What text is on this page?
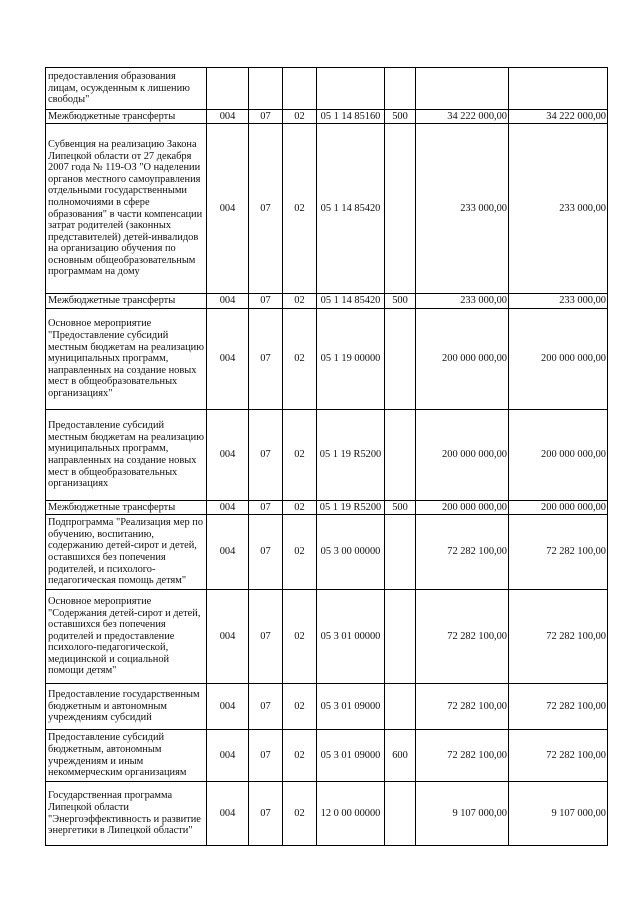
предоставления образования лицам, осужденным к лишению свободы"							
Межбюджетные трансферты	004	07	02	05 1 14 85160	500	34 222 000,00	34 222 000,00
Субвенция на реализацию Закона Липецкой области от 27 декабря 2007 года № 119-ОЗ "О наделении органов местного самоуправления отдельными государственными полномочиями в сфере образования" в части компенсации затрат родителей (законных представителей) детей-инвалидов на организацию обучения по основным общеобразовательным программам на дому	004	07	02	05 1 14 85420		233 000,00	233 000,00
Межбюджетные трансферты	004	07	02	05 1 14 85420	500	233 000,00	233 000,00
Основное мероприятие "Предоставление субсидий местным бюджетам на реализацию муниципальных программ, направленных на создание новых мест в общеобразовательных организациях"	004	07	02	05 1 19 00000		200 000 000,00	200 000 000,00
Предоставление субсидий местным бюджетам на реализацию муниципальных программ, направленных на создание новых мест в общеобразовательных организациях	004	07	02	05 1 19 R5200		200 000 000,00	200 000 000,00
Межбюджетные трансферты	004	07	02	05 1 19 R5200	500	200 000 000,00	200 000 000,00
Подпрограмма "Реализация мер по обучению, воспитанию, содержанию детей-сирот и детей, оставшихся без попечения родителей, и психолого-педагогическая помощь детям"	004	07	02	05 3 00 00000		72 282 100,00	72 282 100,00
Основное мероприятие "Содержания детей-сирот и детей, оставшихся без попечения родителей и предоставление психолого-педагогической, медицинской и социальной помощи детям"	004	07	02	05 3 01 00000		72 282 100,00	72 282 100,00
Предоставление государственным бюджетным и автономным учреждениям субсидий	004	07	02	05 3 01 09000		72 282 100,00	72 282 100,00
Предоставление субсидий бюджетным, автономным учреждениям и иным некоммерческим организациям	004	07	02	05 3 01 09000	600	72 282 100,00	72 282 100,00
Государственная программа Липецкой области "Энергоэффективность и развитие энергетики в Липецкой области"	004	07	02	12 0 00 00000		9 107 000,00	9 107 000,00
